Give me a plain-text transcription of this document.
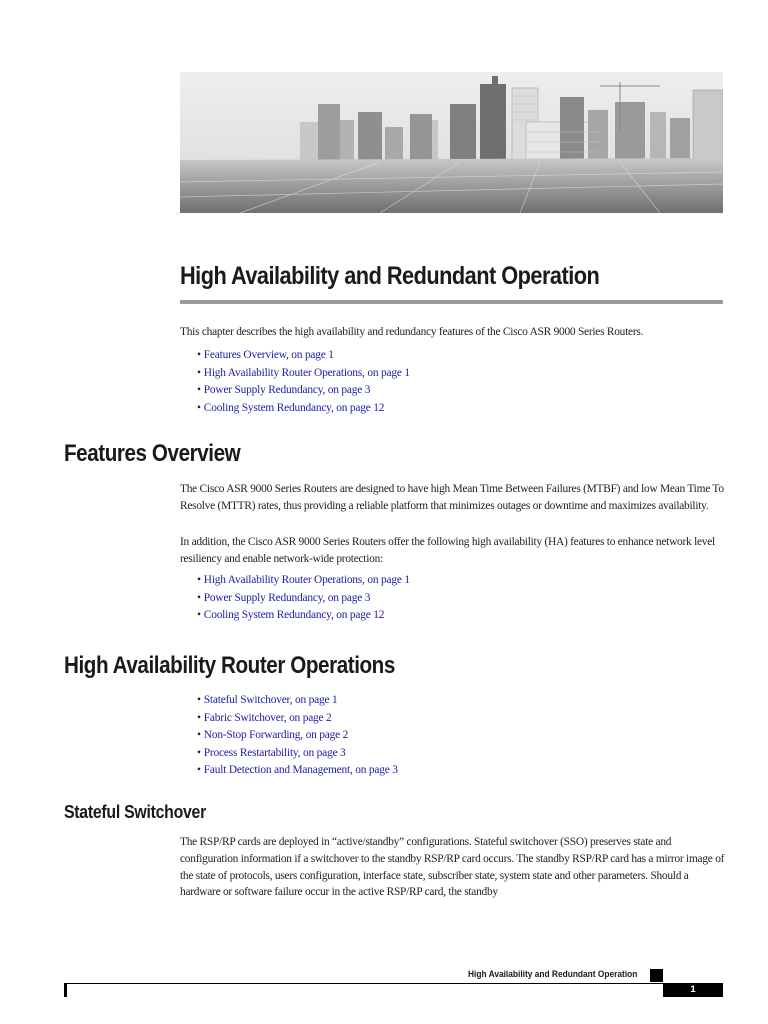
High Availability and Redundant Operation

This chapter describes the high availability and redundancy features of the Cisco ASR 9000 Series Routers.

• Features Overview, on page 1
• High Availability Router Operations, on page 1
• Power Supply Redundancy, on page 3
• Cooling System Redundancy, on page 12
Features Overview

The Cisco ASR 9000 Series Routers are designed to have high Mean Time Between Failures (MTBF) and low Mean Time To Resolve (MTTR) rates, thus providing a reliable platform that minimizes outages or downtime and maximizes availability.

In addition, the Cisco ASR 9000 Series Routers offer the following high availability (HA) features to enhance network level resiliency and enable network-wide protection:

• High Availability Router Operations, on page 1
• Power Supply Redundancy, on page 3
• Cooling System Redundancy, on page 12
High Availability Router Operations
• Stateful Switchover, on page 1
• Fabric Switchover, on page 2
• Non-Stop Forwarding, on page 2
• Process Restartability, on page 3
• Fault Detection and Management, on page 3
Stateful Switchover

The RSP/RP cards are deployed in “active/standby” configurations. Stateful switchover (SSO) preserves state and configuration information if a switchover to the standby RSP/RP card occurs. The standby RSP/RP card has a mirror image of the state of protocols, users configuration, interface state, subscriber state, system state and other parameters. Should a hardware or software failure occur in the active RSP/RP card, the standby

High Availability and Redundant Operation
1
